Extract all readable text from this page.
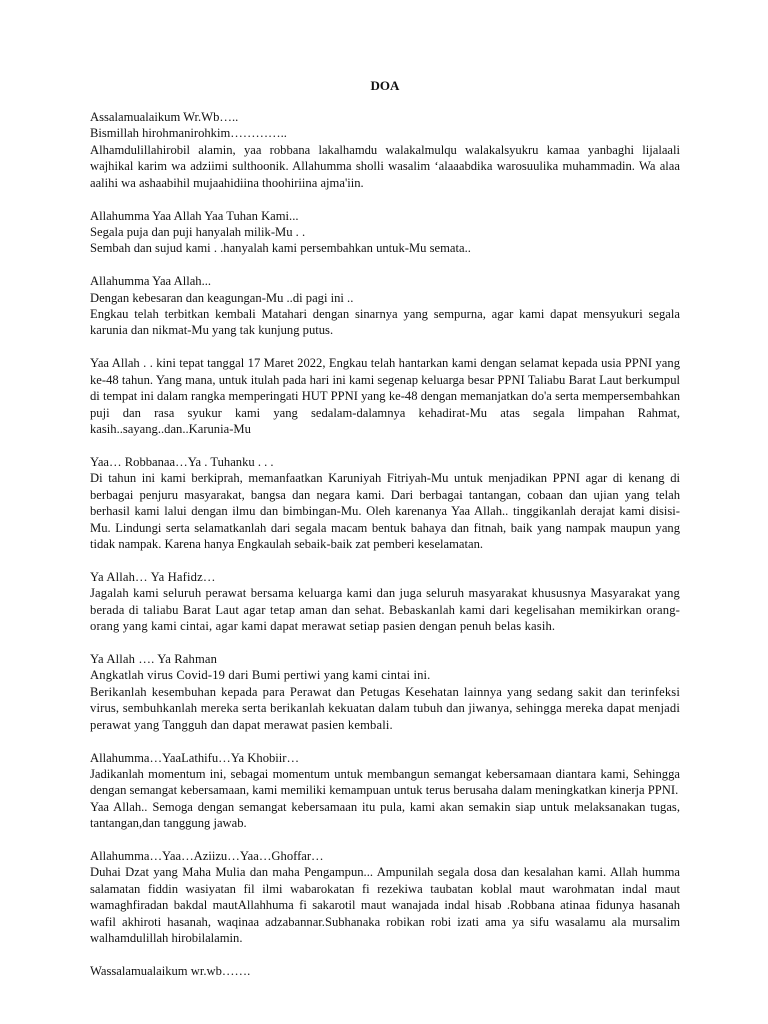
DOA
Assalamualaikum Wr.Wb…..
Bismillah hirohmanirohkim…………..
Alhamdulillahirobil alamin, yaa robbana lakalhamdu walakalmulqu walakalsyukru kamaa yanbaghi lijalaali wajhikal karim wa adziimi sulthoonik. Allahumma sholli wasalim ‘alaaabdika warosuulika muhammadin. Wa alaa aalihi wa ashaabihil mujaahidiina thoohiriina ajma'iin.
Allahumma Yaa Allah Yaa Tuhan Kami...
Segala puja dan puji hanyalah milik-Mu . .
Sembah dan sujud kami . .hanyalah kami persembahkan untuk-Mu semata..
Allahumma Yaa Allah...
Dengan kebesaran dan keagungan-Mu ..di pagi ini ..
Engkau telah terbitkan kembali Matahari dengan sinarnya yang sempurna, agar kami dapat mensyukuri segala karunia dan nikmat-Mu yang tak kunjung putus.
Yaa Allah . . kini tepat tanggal 17 Maret 2022, Engkau telah hantarkan kami dengan selamat kepada usia PPNI yang ke-48 tahun. Yang mana, untuk itulah pada hari ini kami segenap keluarga besar PPNI Taliabu Barat Laut berkumpul di tempat ini dalam rangka memperingati HUT PPNI yang ke-48 dengan memanjatkan do'a serta mempersembahkan puji dan rasa syukur kami yang sedalam-dalamnya kehadirat-Mu atas segala limpahan Rahmat, kasih..sayang..dan..Karunia-Mu
Yaa… Robbanaa…Ya . Tuhanku . . .
Di tahun ini kami berkiprah, memanfaatkan Karuniyah Fitriyah-Mu untuk menjadikan PPNI agar di kenang di berbagai penjuru masyarakat, bangsa dan negara kami. Dari berbagai tantangan, cobaan dan ujian yang telah berhasil kami lalui dengan ilmu dan bimbingan-Mu. Oleh karenanya Yaa Allah.. tinggikanlah derajat kami disisi-Mu. Lindungi serta selamatkanlah dari segala macam bentuk bahaya dan fitnah, baik yang nampak maupun yang tidak nampak. Karena hanya Engkaulah sebaik-baik zat pemberi keselamatan.
Ya Allah… Ya Hafidz…
Jagalah kami seluruh perawat bersama keluarga kami dan juga seluruh masyarakat khususnya Masyarakat yang berada di taliabu Barat Laut agar tetap aman dan sehat. Bebaskanlah kami dari kegelisahan memikirkan orang-orang yang kami cintai, agar kami dapat merawat setiap pasien dengan penuh belas kasih.
Ya Allah …. Ya Rahman
Angkatlah virus Covid-19 dari Bumi pertiwi yang kami cintai ini.
Berikanlah kesembuhan kepada para Perawat dan Petugas Kesehatan lainnya yang sedang sakit dan terinfeksi virus, sembuhkanlah mereka serta berikanlah kekuatan dalam tubuh dan jiwanya, sehingga mereka dapat menjadi perawat yang Tangguh dan dapat merawat pasien kembali.
Allahumma…YaaLathifu…Ya Khobiir…
Jadikanlah momentum ini, sebagai momentum untuk membangun semangat kebersamaan diantara kami, Sehingga dengan semangat kebersamaan, kami memiliki kemampuan untuk terus berusaha dalam meningkatkan kinerja PPNI.
Yaa Allah.. Semoga dengan semangat kebersamaan itu pula, kami akan semakin siap untuk melaksanakan tugas, tantangan,dan tanggung jawab.
Allahumma…Yaa…Aziizu…Yaa…Ghoffar…
Duhai Dzat yang Maha Mulia dan maha Pengampun... Ampunilah segala dosa dan kesalahan kami. Allah humma salamatan fiddin wasiyatan fil ilmi wabarokatan fi rezekiwa taubatan koblal maut warohmatan indal maut wamaghfiradan bakdal mautAllahhuma fi sakarotil maut wanajada indal hisab .Robbana atinaa fidunya hasanah wafil akhiroti hasanah, waqinaa adzabannar.Subhanaka robikan robi izati ama ya sifu wasalamu ala mursalim walhamdulillah hirobilalamin.
Wassalamualaikum wr.wb…….
